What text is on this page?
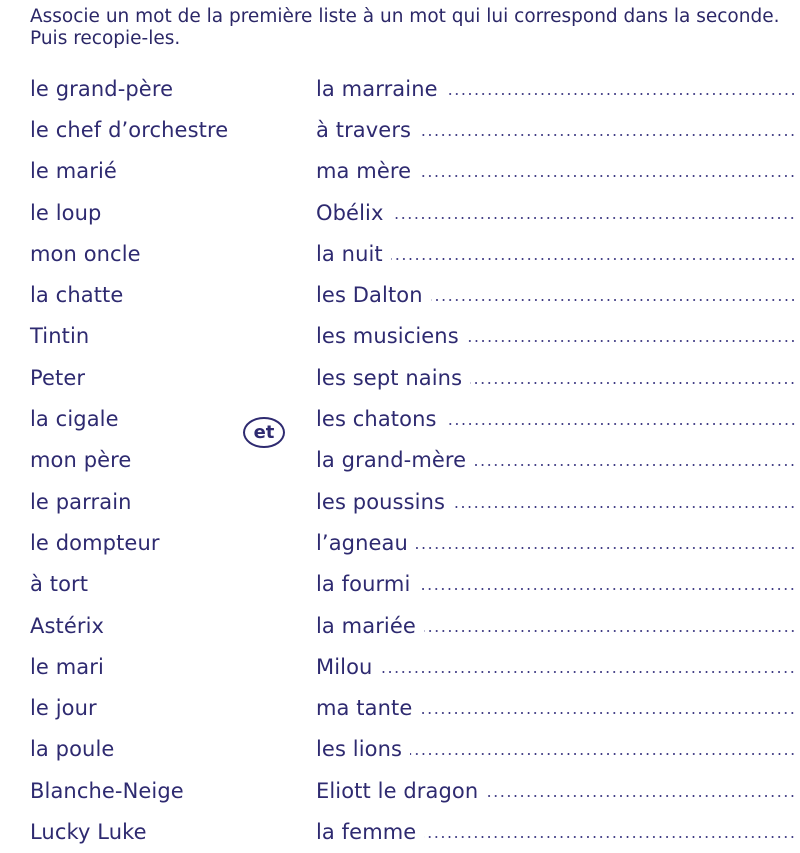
Associe un mot de la première liste à un mot qui lui correspond dans la seconde. Puis recopie-les.
le grand-père
le chef d’orchestre
le marié
le loup
mon oncle
la chatte
Tintin
Peter
la cigale
mon père
le parrain
le dompteur
à tort
Astérix
le mari
le jour
la poule
Blanche-Neige
Lucky Luke
et
la marraine
à travers
ma mère
Obélix
la nuit
les Dalton
les musiciens
les sept nains
les chatons
la grand-mère
les poussins
l’agneau
la fourmi
la mariée
Milou
ma tante
les lions
Eliott le dragon
la femme
